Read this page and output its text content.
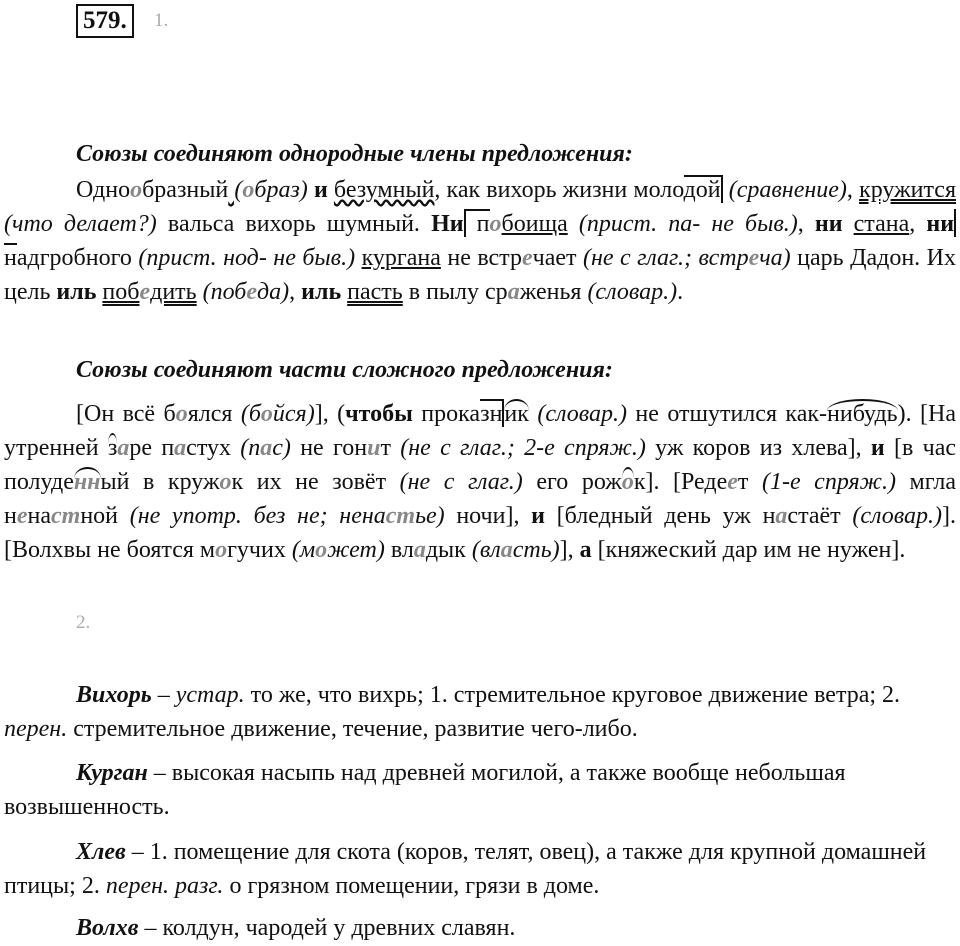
579.	1.
Союзы соединяют однородные члены предложения:
Однообразный (образ) и безумный, как вихорь жизни молодой (сравнение), кружится (что делает?) вальса вихорь шумный. Ни побоища (прист. па- не быв.), ни стана, ни надгробного (прист. нод- не быв.) кургана не встречает (не с глаг.; встреча) царь Дадон. Их цель иль победить (победа), иль пасть в пылу сраженья (словар.).
Союзы соединяют части сложного предложения:
[Он всё боялся (бойся)], (чтобы проказник (словар.) не отшутился как-нибудь). [На утренней заре пастух (пас) не гонит (не с глаг.; 2-е спряж.) уж коров из хлева], и [в час полуденный в кружок их не зовёт (не с глаг.) его рожок]. [Редеет (1-е спряж.) мгла ненастной (не употр. без не; ненастье) ночи], и [бледный день уж настаёт (словар.)]. [Волхвы не боятся могучих (может) владык (власть)], а [княжеский дар им не нужен].
2.
Вихорь – устар. то же, что вихрь; 1. стремительное круговое движение ветра; 2. перен. стремительное движение, течение, развитие чего-либо.
Курган – высокая насыпь над древней могилой, а также вообще небольшая возвышенность.
Хлев – 1. помещение для скота (коров, телят, овец), а также для крупной домашней птицы; 2. перен. разг. о грязном помещении, грязи в доме.
Волхв – колдун, чародей у древних славян.
